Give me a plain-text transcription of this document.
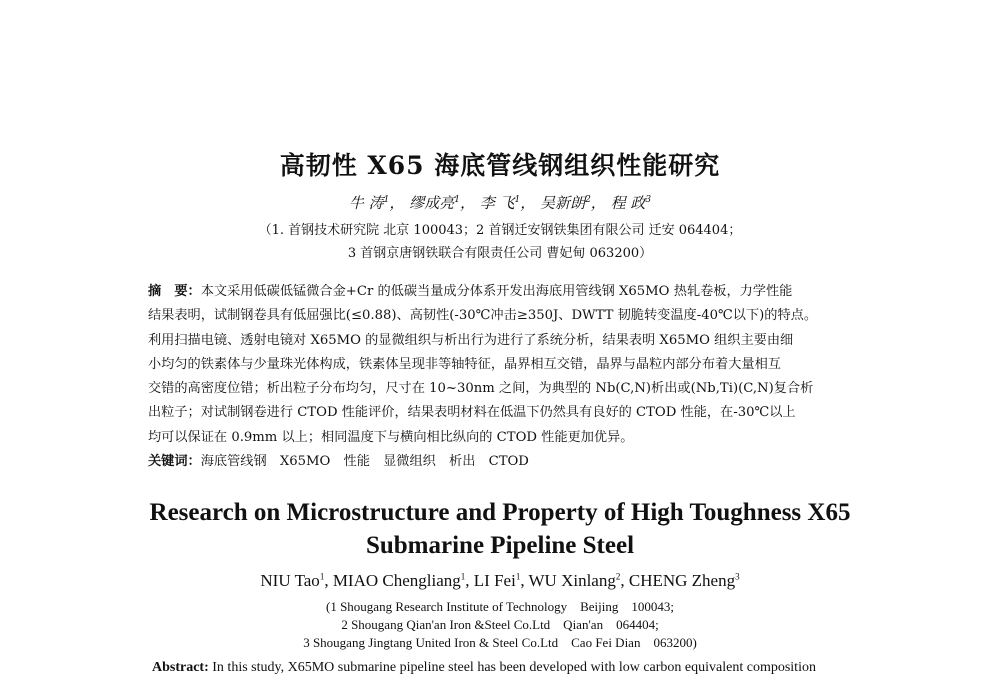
高韧性 X65 海底管线钢组织性能研究
牛 涛$^1$， 缪成亮$^1$， 李 飞$^1$， 吴新朗$^2$， 程 政$^3$
（1. 首钢技术研究院 北京 100043；2 首钢迁安钢铁集团有限公司 迁安 064404；
3 首钢京唐钢铁联合有限责任公司 曹妃甸 063200）
摘　要：本文采用低碳低锰微合金+Cr 的低碳当量成分体系开发出海底用管线钢 X65MO 热轧卷板，力学性能
结果表明，试制钢卷具有低屈强比(≤0.88)、高韧性(-30℃冲击≥350J、DWTT 韧脆转变温度-40℃以下)的特点。
利用扫描电镜、透射电镜对 X65MO 的显微组织与析出行为进行了系统分析，结果表明 X65MO 组织主要由细
小均匀的铁素体与少量珠光体构成，铁素体呈现非等轴特征，晶界相互交错，晶界与晶粒内部分布着大量相互
交错的高密度位错；析出粒子分布均匀，尺寸在 10~30nm 之间，为典型的 Nb(C,N)析出或(Nb,Ti)(C,N)复合析
出粒子；对试制钢卷进行 CTOD 性能评价，结果表明材料在低温下仍然具有良好的 CTOD 性能，在-30℃以上
均可以保证在 0.9mm 以上；相同温度下与横向相比纵向的 CTOD 性能更加优异。
关键词：海底管线钢　X65MO　性能　显微组织　析出　CTOD
Research on Microstructure and Property of High Toughness X65
Submarine Pipeline Steel
NIU Tao$^1$, MIAO Chengliang$^1$, LI Fei$^1$, WU Xinlang$^2$, CHENG Zheng$^3$
(1 Shougang Research Institute of Technology　Beijing　100043;
2 Shougang Qian'an Iron &Steel Co.Ltd　Qian'an　064404;
3 Shougang Jingtang United Iron & Steel Co.Ltd　Cao Fei Dian　063200)
Abstract: In this study, X65MO submarine pipeline steel has been developed with low carbon equivalent composition
